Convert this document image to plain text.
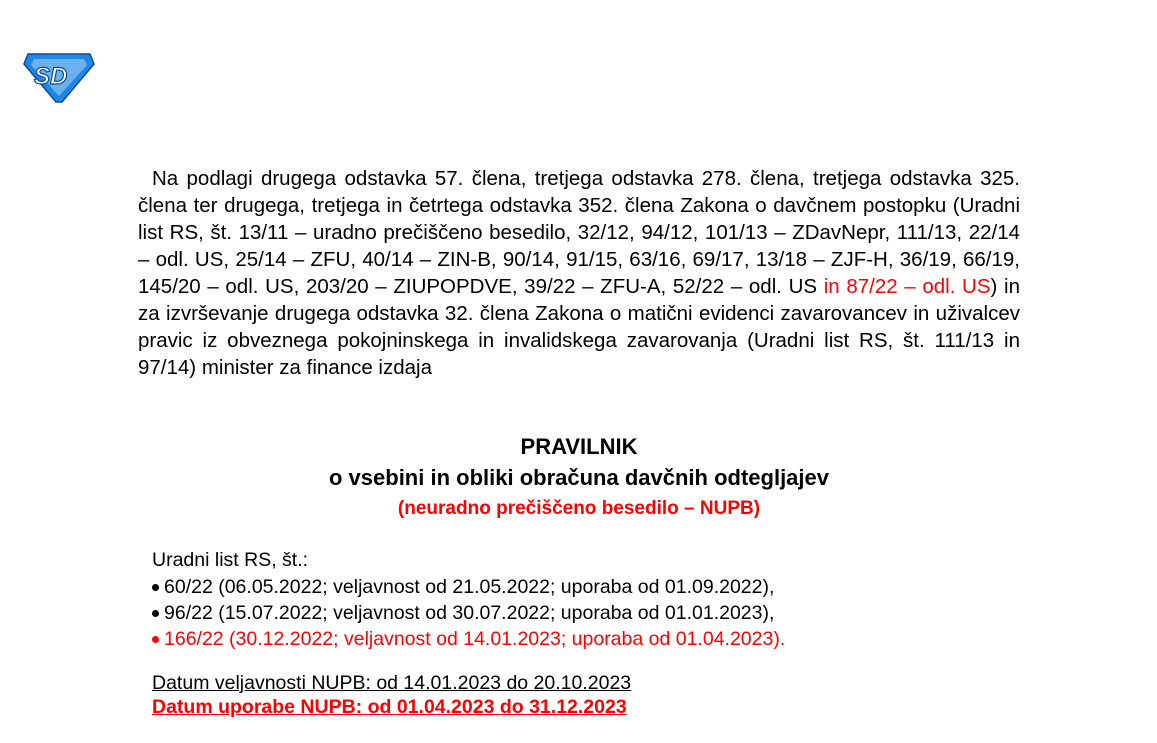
SD

Na podlagi drugega odstavka 57. člena, tretjega odstavka 278. člena, tretjega odstavka 325. člena ter drugega, tretjega in četrtega odstavka 352. člena Zakona o davčnem postopku (Uradni list RS, št. 13/11 – uradno prečiščeno besedilo, 32/12, 94/12, 101/13 – ZDavNepr, 111/13, 22/14 – odl. US, 25/14 – ZFU, 40/14 – ZIN-B, 90/14, 91/15, 63/16, 69/17, 13/18 – ZJF-H, 36/19, 66/19, 145/20 – odl. US, 203/20 – ZIUPOPDVE, 39/22 – ZFU-A, 52/22 – odl. US in 87/22 – odl. US) in za izvrševanje drugega odstavka 32. člena Zakona o matični evidenci zavarovancev in uživalcev pravic iz obveznega pokojninskega in invalidskega zavarovanja (Uradni list RS, št. 111/13 in 97/14) minister za finance izdaja

PRAVILNIK

o vsebini in obliki obračuna davčnih odtegljajev

(neuradno prečiščeno besedilo – NUPB)

Uradni list RS, št.:

60/22 (06.05.2022; veljavnost od 21.05.2022; uporaba od 01.09.2022),
96/22 (15.07.2022; veljavnost od 30.07.2022; uporaba od 01.01.2023),
166/22 (30.12.2022; veljavnost od 14.01.2023; uporaba od 01.04.2023).

Datum veljavnosti NUPB: od 14.01.2023 do 20.10.2023

Datum uporabe NUPB: od 01.04.2023 do 31.12.2023
